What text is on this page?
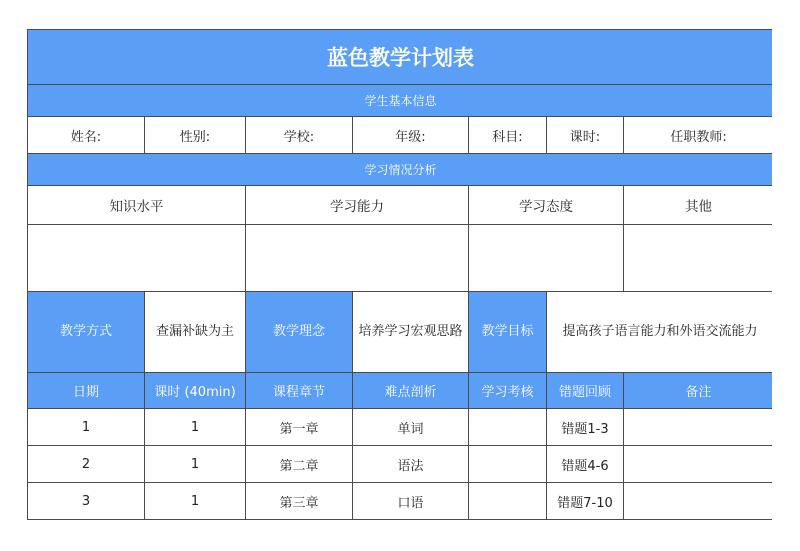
蓝色教学计划表						
学生基本信息						
姓名:	性别:	学校:	年级:	科目:	课时:	任职教师:
学习情况分析						
知识水平		学习能力		学习态度		其他

教学方式	查漏补缺为主	教学理念	培养学习宏观思路	教学目标	提高孩子语言能力和外语交流能力	
日期	课时 (40min)	课程章节	难点剖析	学习考核	错题回顾	备注
1	1	第一章	单词		错题1-3	
2	1	第二章	语法		错题4-6	
3	1	第三章	口语		错题7-10	
